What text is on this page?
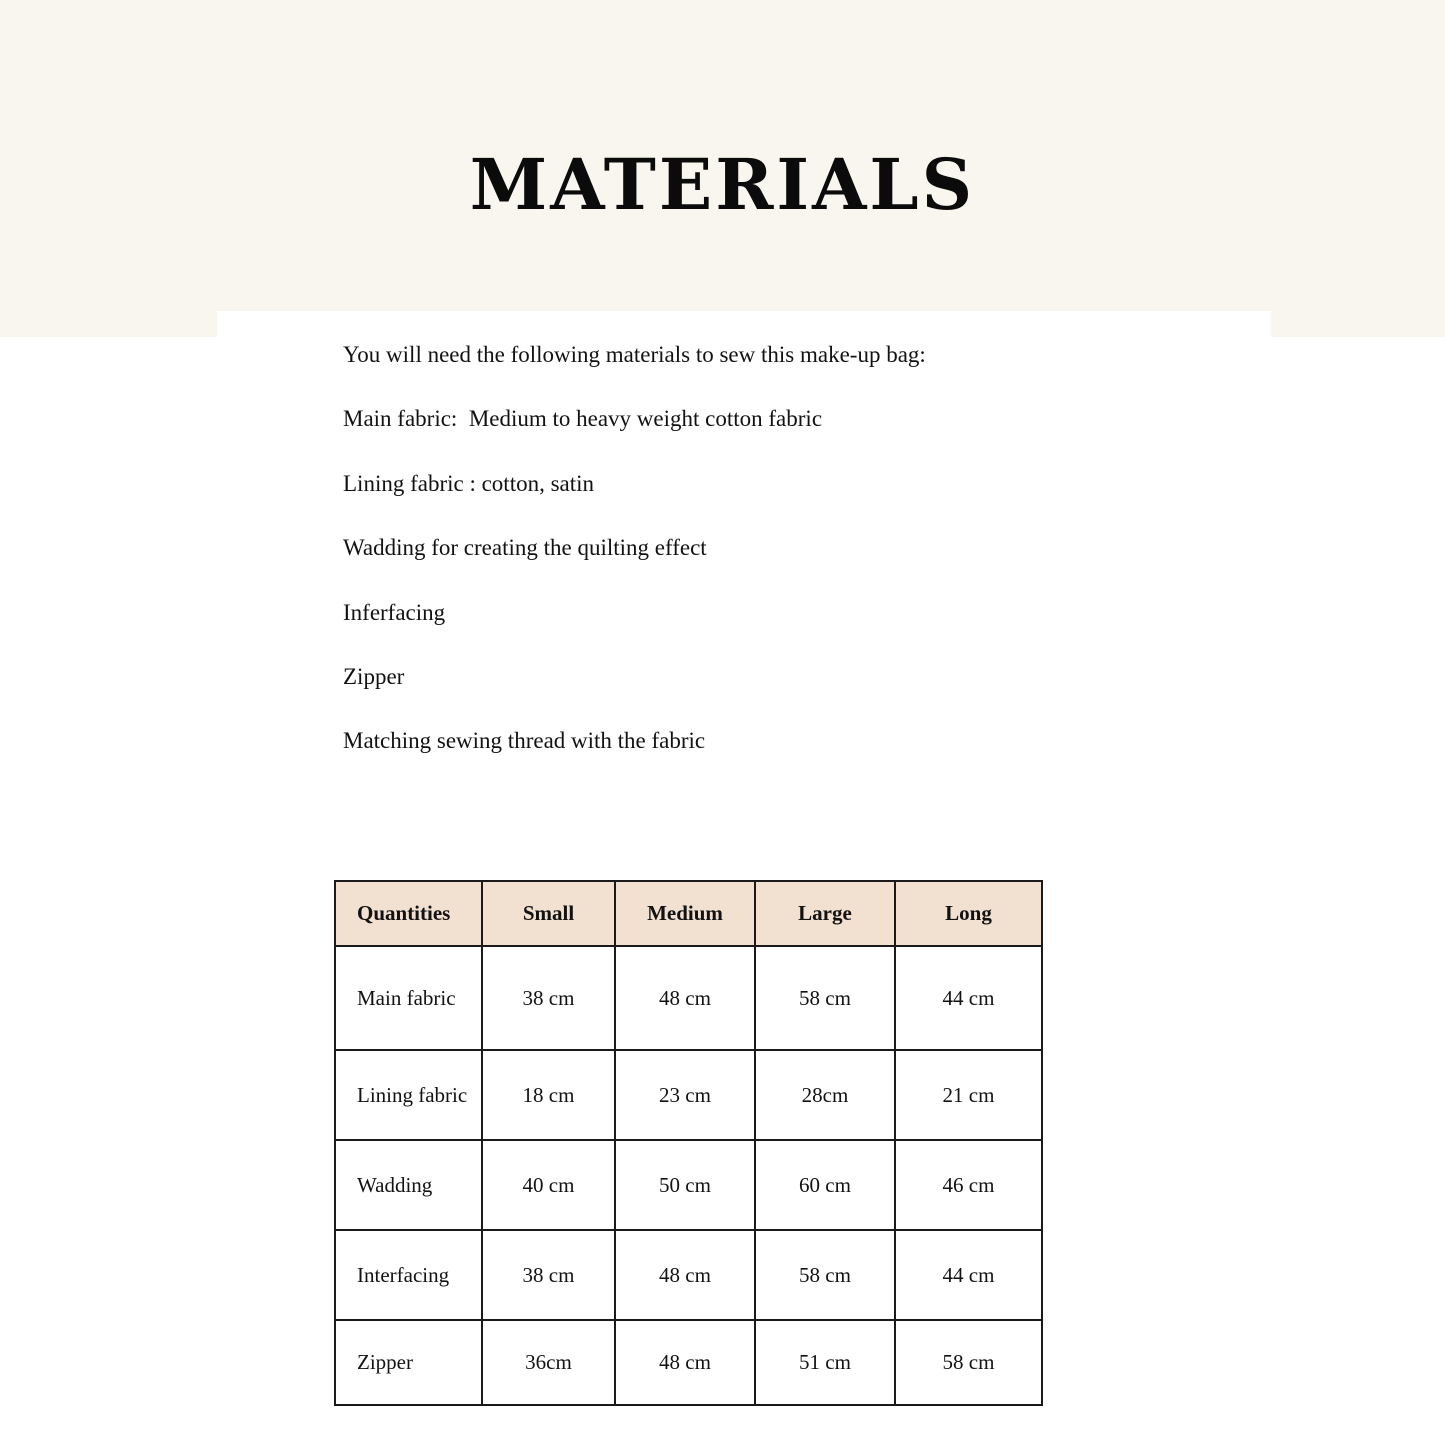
MATERIALS

You will need the following materials to sew this make-up bag:

Main fabric:  Medium to heavy weight cotton fabric

Lining fabric : cotton, satin

Wadding for creating the quilting effect

Inferfacing

Zipper

Matching sewing thread with the fabric

Quantities	Small	Medium	Large	Long
Main fabric	38 cm	48 cm	58 cm	44 cm
Lining fabric	18 cm	23 cm	28cm	21 cm
Wadding	40 cm	50 cm	60 cm	46 cm
Interfacing	38 cm	48 cm	58 cm	44 cm
Zipper	36cm	48 cm	51 cm	58 cm
